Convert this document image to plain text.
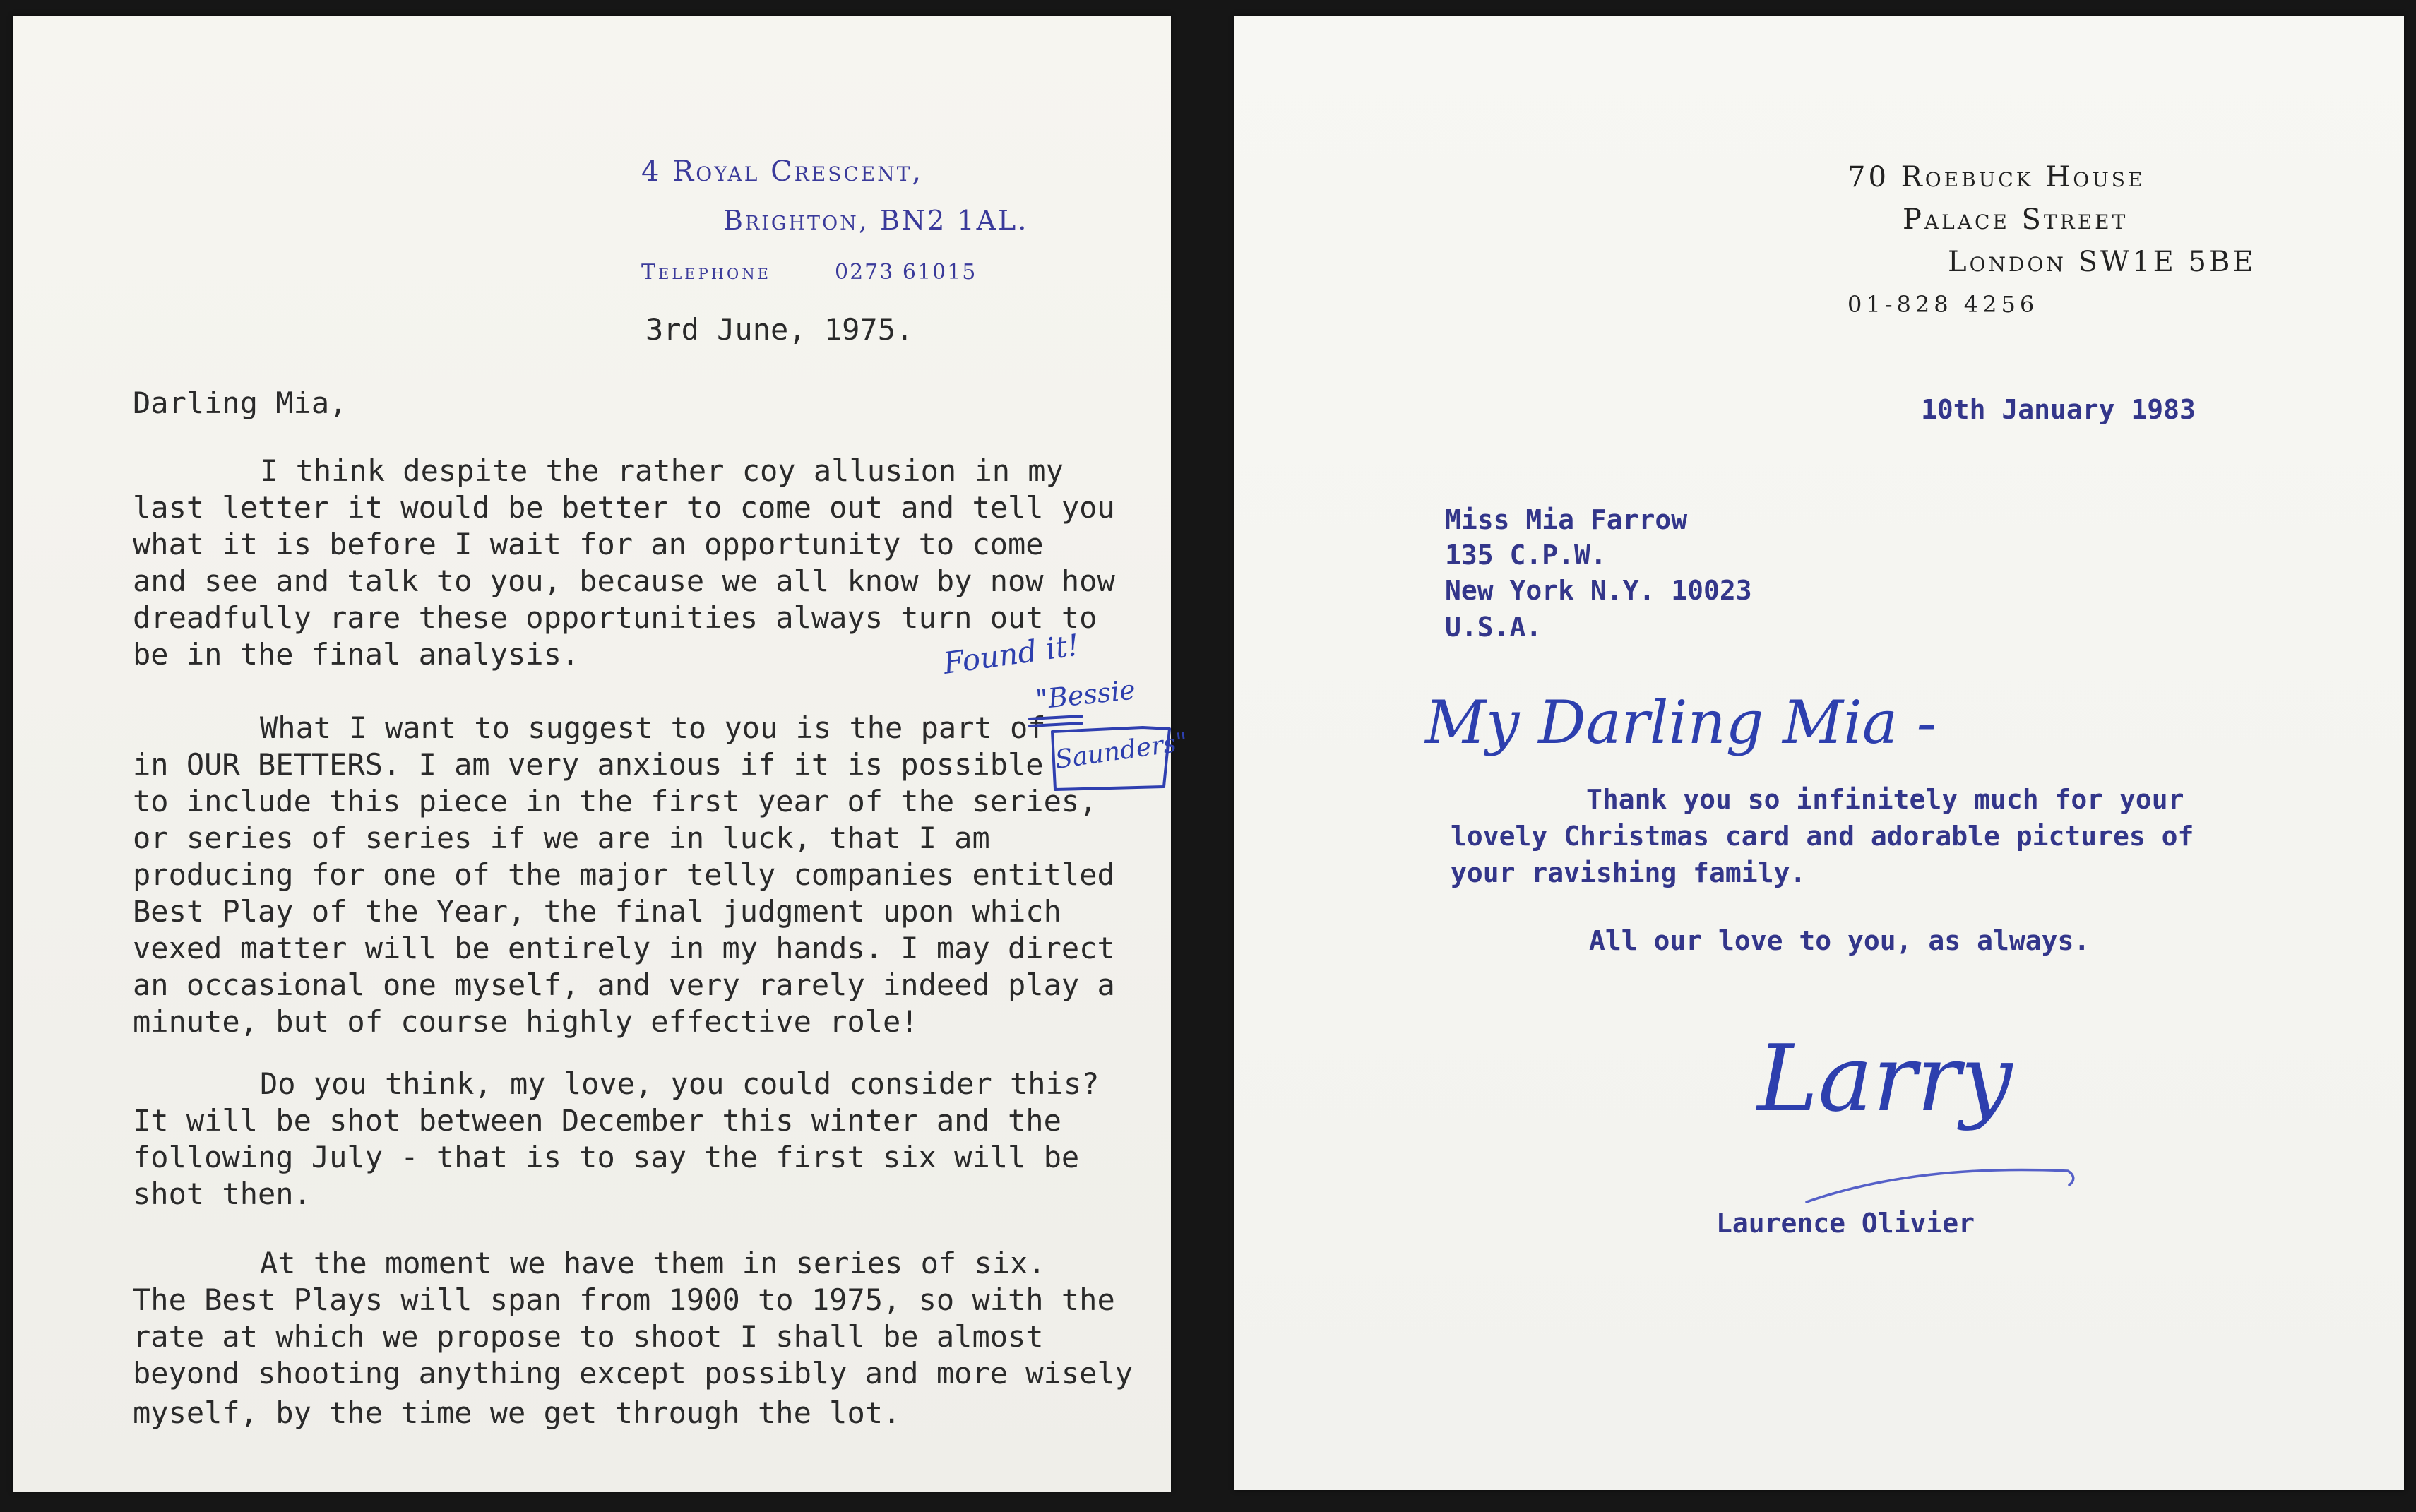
4 Royal Crescent,
Brighton, BN2 1AL.
Telephone	0273 61015
3rd June, 1975.
Darling Mia,
I think despite the rather coy allusion in my
last letter it would be better to come out and tell you
what it is before I wait for an opportunity to come
and see and talk to you, because we all know by now how
dreadfully rare these opportunities always turn out to
be in the final analysis.
What I want to suggest to you is the part of
in OUR BETTERS. I am very anxious if it is possible
to include this piece in the first year of the series,
or series of series if we are in luck, that I am
producing for one of the major telly companies entitled
Best Play of the Year, the final judgment upon which
vexed matter will be entirely in my hands. I may direct
an occasional one myself, and very rarely indeed play a
minute, but of course highly effective role!
Do you think, my love, you could consider this?
It will be shot between December this winter and the
following July - that is to say the first six will be
shot then.
At the moment we have them in series of six.
The Best Plays will span from 1900 to 1975, so with the
rate at which we propose to shoot I shall be almost
beyond shooting anything except possibly and more wisely
myself, by the time we get through the lot.
Found it!
"Bessie
Saunders"
70 Roebuck House
Palace Street
London SW1E 5BE
01-828 4256
10th January 1983
Miss Mia Farrow
135 C.P.W.
New York N.Y. 10023
U.S.A.
My Darling Mia -
Thank you so infinitely much for your
lovely Christmas card and adorable pictures of
your ravishing family.
All our love to you, as always.
Larry
Laurence Olivier
